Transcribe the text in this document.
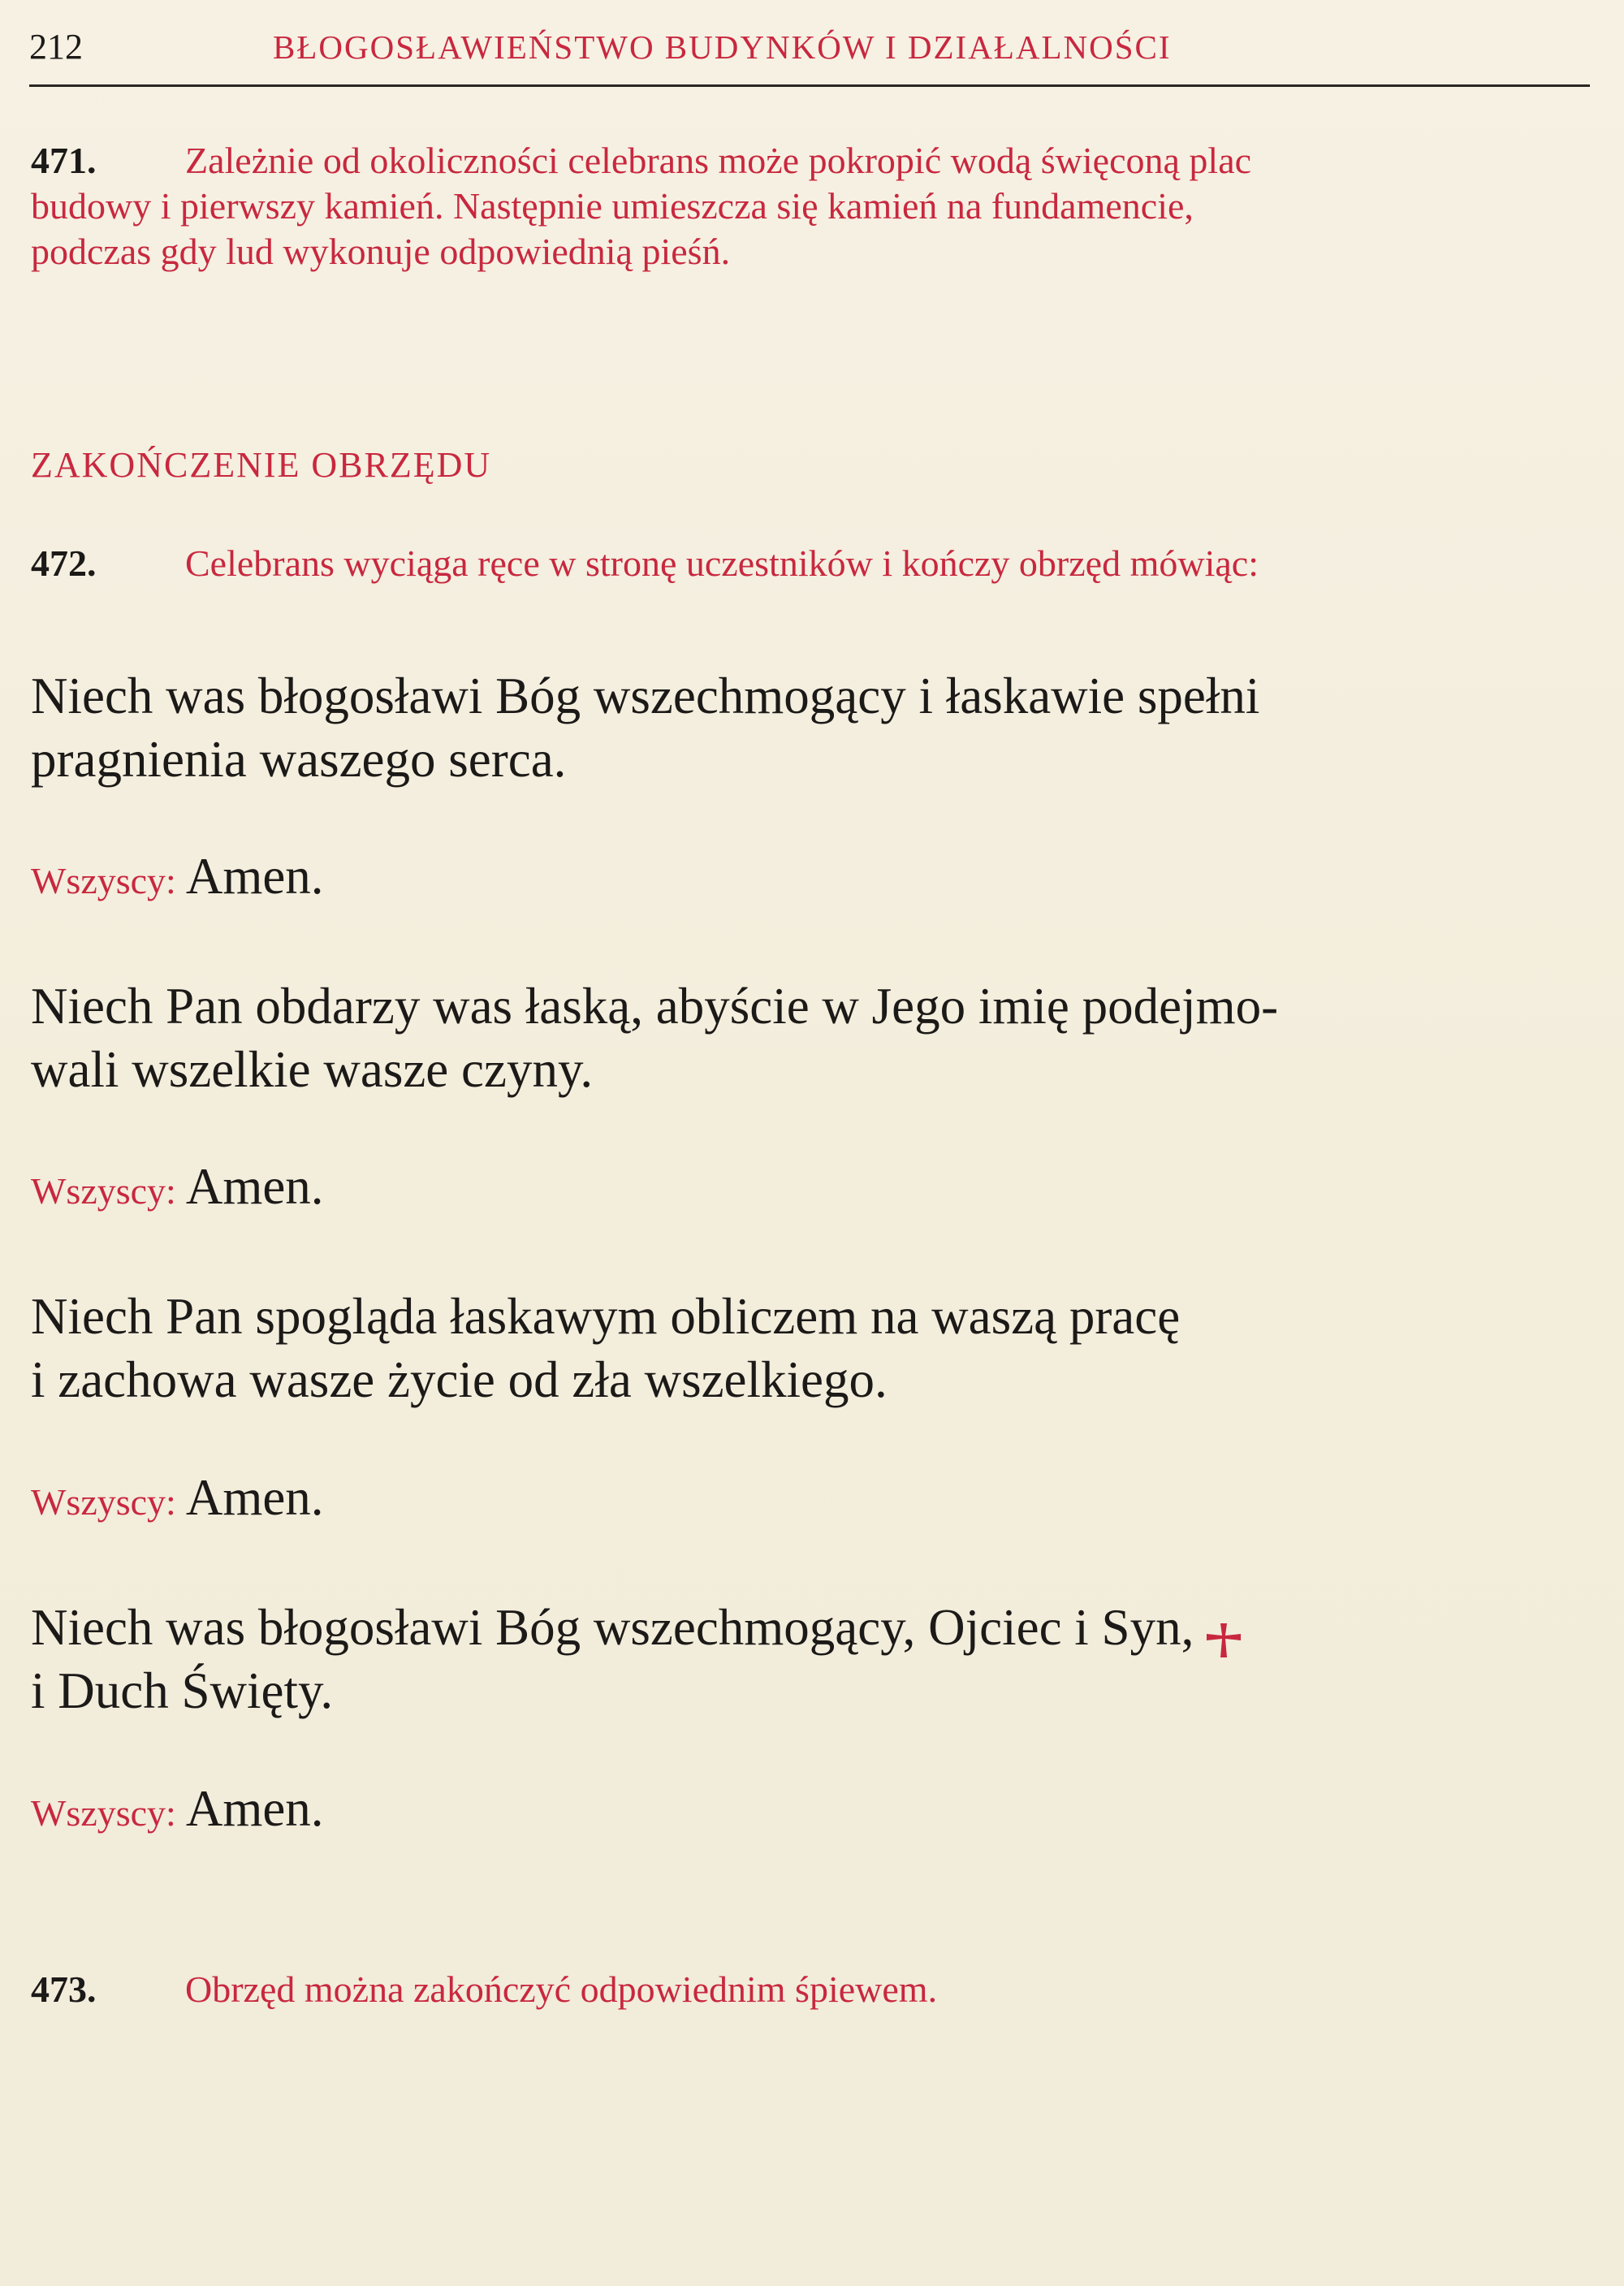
212	BŁOGOSŁAWIEŃSTWO BUDYNKÓW I DZIAŁALNOŚCI

471. Zależnie od okoliczności celebrans może pokropić wodą święconą plac

budowy i pierwszy kamień. Następnie umieszcza się kamień na fundamencie,

podczas gdy lud wykonuje odpowiednią pieśń.

ZAKOŃCZENIE OBRZĘDU

472. Celebrans wyciąga ręce w stronę uczestników i kończy obrzęd mówiąc:

Niech was błogosławi Bóg wszechmogący i łaskawie spełni

pragnienia waszego serca.

Wszyscy: Amen.

Niech Pan obdarzy was łaską, abyście w Jego imię podejmo-

wali wszelkie wasze czyny.

Wszyscy: Amen.

Niech Pan spogląda łaskawym obliczem na waszą pracę

i zachowa wasze życie od zła wszelkiego.

Wszyscy: Amen.

Niech was błogosławi Bóg wszechmogący, Ojciec i Syn,

i Duch Święty.

Wszyscy: Amen.

473. Obrzęd można zakończyć odpowiednim śpiewem.
